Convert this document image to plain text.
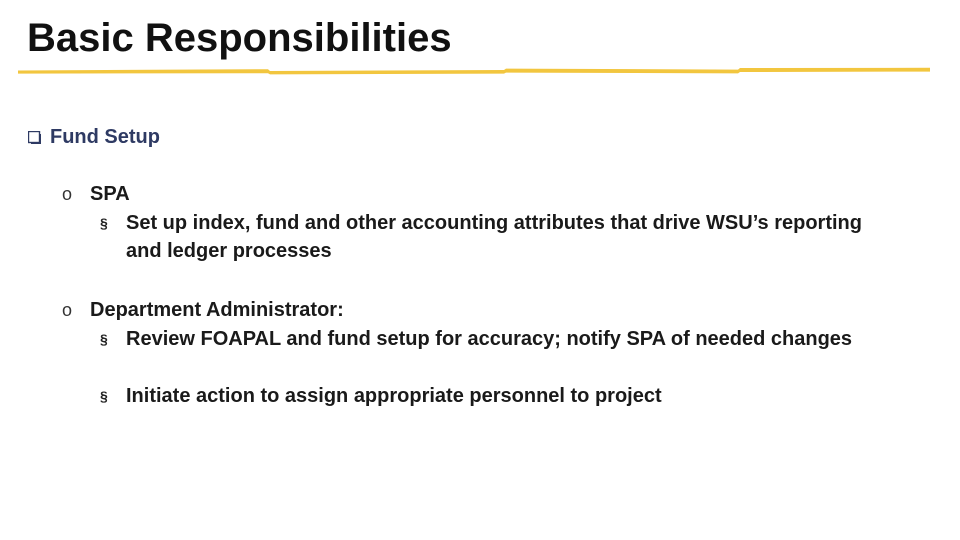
Basic Responsibilities
Fund Setup
o SPA
§ Set up index, fund and other accounting attributes that drive WSU’s reporting and ledger processes
o Department Administrator:
§ Review FOAPAL and fund setup for accuracy; notify SPA of needed changes
§ Initiate action to assign appropriate personnel to project
